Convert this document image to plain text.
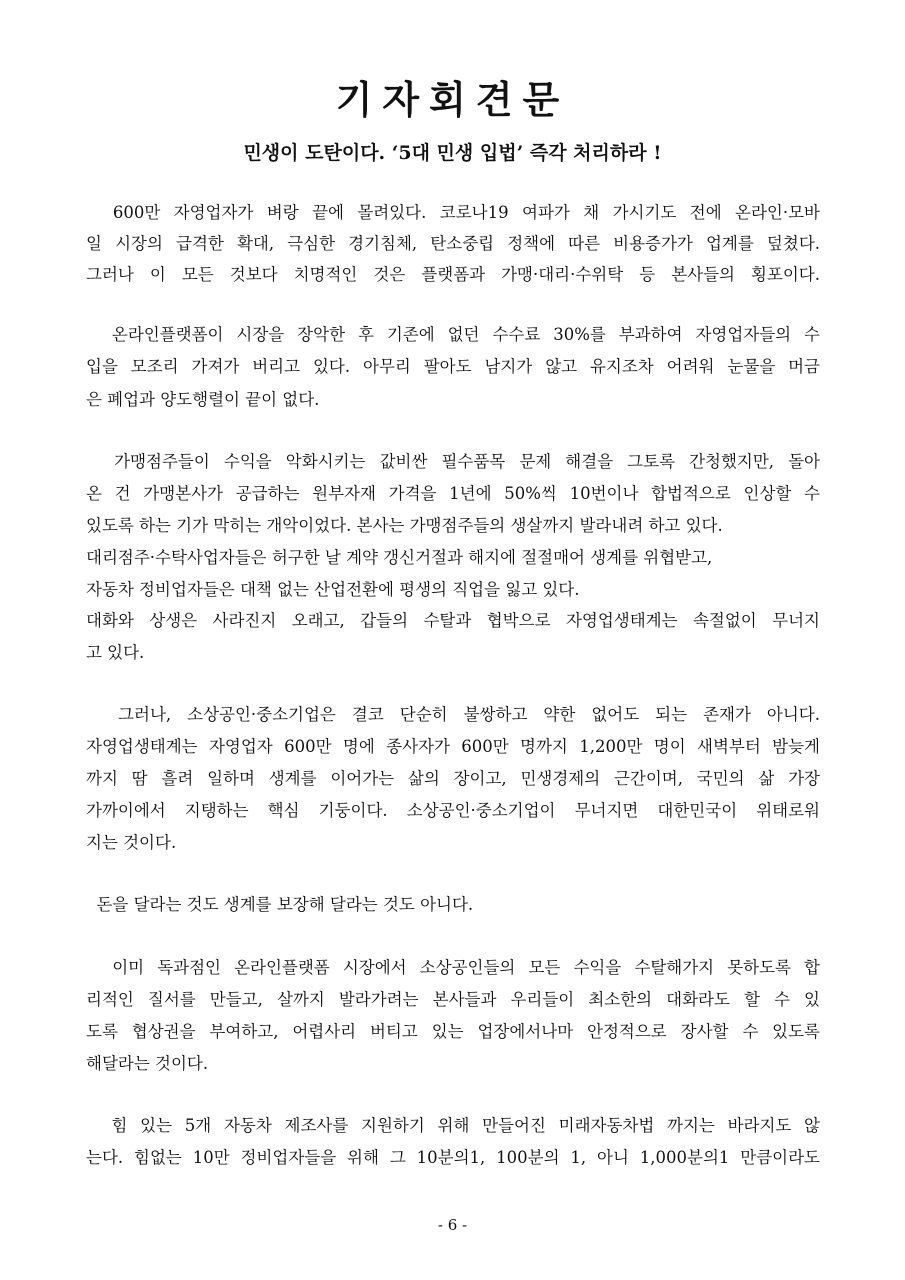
기자회견문
민생이 도탄이다. ‘5대 민생 입법’ 즉각 처리하라 !

600만 자영업자가 벼랑 끝에 몰려있다. 코로나19 여파가 채 가시기도 전에 온라인·모바

일 시장의 급격한 확대, 극심한 경기침체, 탄소중립 정책에 따른 비용증가가 업계를 덮쳤다.

그러나 이 모든 것보다 치명적인 것은 플랫폼과 가맹·대리·수위탁 등 본사들의 횡포이다.

온라인플랫폼이 시장을 장악한 후 기존에 없던 수수료 30%를 부과하여 자영업자들의 수

입을 모조리 가져가 버리고 있다. 아무리 팔아도 남지가 않고 유지조차 어려워 눈물을 머금

은 폐업과 양도행렬이 끝이 없다.

가맹점주들이 수익을 악화시키는 값비싼 필수품목 문제 해결을 그토록 간청했지만, 돌아

온 건 가맹본사가 공급하는 원부자재 가격을 1년에 50%씩 10번이나 합법적으로 인상할 수

있도록 하는 기가 막히는 개악이었다. 본사는 가맹점주들의 생살까지 발라내려 하고 있다.

대리점주·수탁사업자들은 허구한 날 계약 갱신거절과 해지에 절절매어 생계를 위협받고,

자동차 정비업자들은 대책 없는 산업전환에 평생의 직업을 잃고 있다.

대화와 상생은 사라진지 오래고, 갑들의 수탈과 협박으로 자영업생태계는 속절없이 무너지

고 있다.

그러나, 소상공인·중소기업은 결코 단순히 불쌍하고 약한 없어도 되는 존재가 아니다.

자영업생태계는 자영업자 600만 명에 종사자가 600만 명까지 1,200만 명이 새벽부터 밤늦게

까지 땀 흘려 일하며 생계를 이어가는 삶의 장이고, 민생경제의 근간이며, 국민의 삶 가장

가까이에서 지탱하는 핵심 기둥이다. 소상공인·중소기업이 무너지면 대한민국이 위태로워

지는 것이다.

돈을 달라는 것도 생계를 보장해 달라는 것도 아니다.

이미 독과점인 온라인플랫폼 시장에서 소상공인들의 모든 수익을 수탈해가지 못하도록 합

리적인 질서를 만들고, 살까지 발라가려는 본사들과 우리들이 최소한의 대화라도 할 수 있

도록 협상권을 부여하고, 어렵사리 버티고 있는 업장에서나마 안정적으로 장사할 수 있도록

해달라는 것이다.

힘 있는 5개 자동차 제조사를 지원하기 위해 만들어진 미래자동차법 까지는 바라지도 않

는다. 힘없는 10만 정비업자들을 위해 그 10분의1, 100분의 1, 아니 1,000분의1 만큼이라도

- 6 -
